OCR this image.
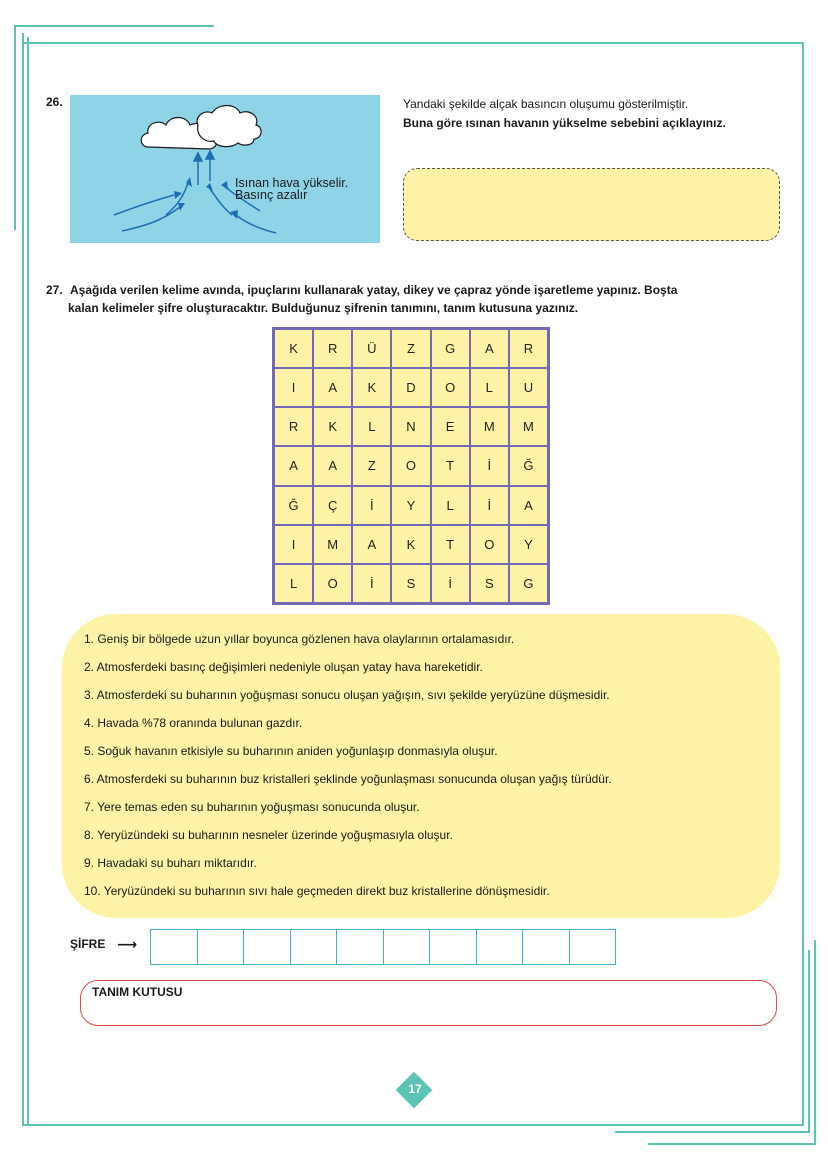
26.
Isınan hava yükselir.
Basınç azalır
Yandaki şekilde alçak basıncın oluşumu gösterilmiştir.
Buna göre ısınan havanın yükselme sebebini açıklayınız.
27. Aşağıda verilen kelime avında, ipuçlarını kullanarak yatay, dikey ve çapraz yönde işaretleme yapınız. Boşta
kalan kelimeler şifre oluşturacaktır. Bulduğunuz şifrenin tanımını, tanım kutusuna yazınız.
K	R	Ü	Z	G	A	R
I	A	K	D	O	L	U
R	K	L	N	E	M	M
A	A	Z	O	T	İ	Ğ
Ğ	Ç	İ	Y	L	İ	A
I	M	A	K	T	O	Y
L	O	İ	S	İ	S	G
1. Geniş bir bölgede uzun yıllar boyunca gözlenen hava olaylarının ortalamasıdır.
2. Atmosferdeki basınç değişimleri nedeniyle oluşan yatay hava hareketidir.
3. Atmosferdeki su buharının yoğuşması sonucu oluşan yağışın, sıvı şekilde yeryüzüne düşmesidir.
4. Havada %78 oranında bulunan gazdır.
5. Soğuk havanın etkisiyle su buharının aniden yoğunlaşıp donmasıyla oluşur.
6. Atmosferdeki su buharının buz kristalleri şeklinde yoğunlaşması sonucunda oluşan yağış türüdür.
7. Yere temas eden su buharının yoğuşması sonucunda oluşur.
8. Yeryüzündeki su buharının nesneler üzerinde yoğuşmasıyla oluşur.
9. Havadaki su buharı miktarıdır.
10. Yeryüzündeki su buharının sıvı hale geçmeden direkt buz kristallerine dönüşmesidir.
ŞİFRE ⟶
TANIM KUTUSU
17
